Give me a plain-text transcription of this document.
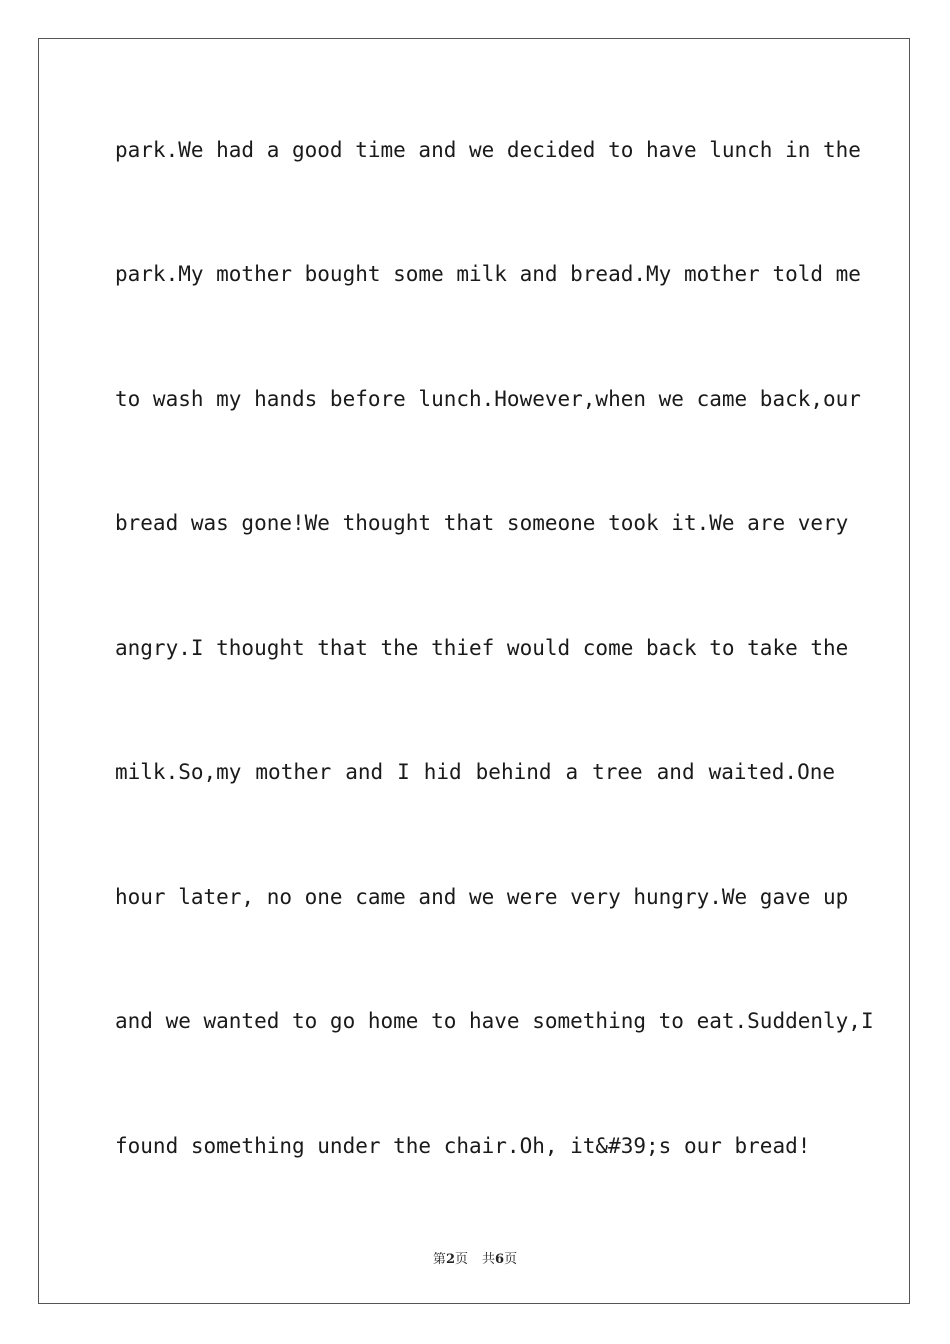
park.We had a good time and we decided to have lunch in the
park.My mother bought some milk and bread.My mother told me
to wash my hands before lunch.However,when we came back,our
bread was gone!We thought that someone took it.We are very
angry.I thought that the thief would come back to take the
milk.So,my mother and I hid behind a tree and waited.One
hour later, no one came and we were very hungry.We gave up
and we wanted to go home to have something to eat.Suddenly,I
found something under the chair.Oh, it&#39;s our bread!
第2页 共6页
